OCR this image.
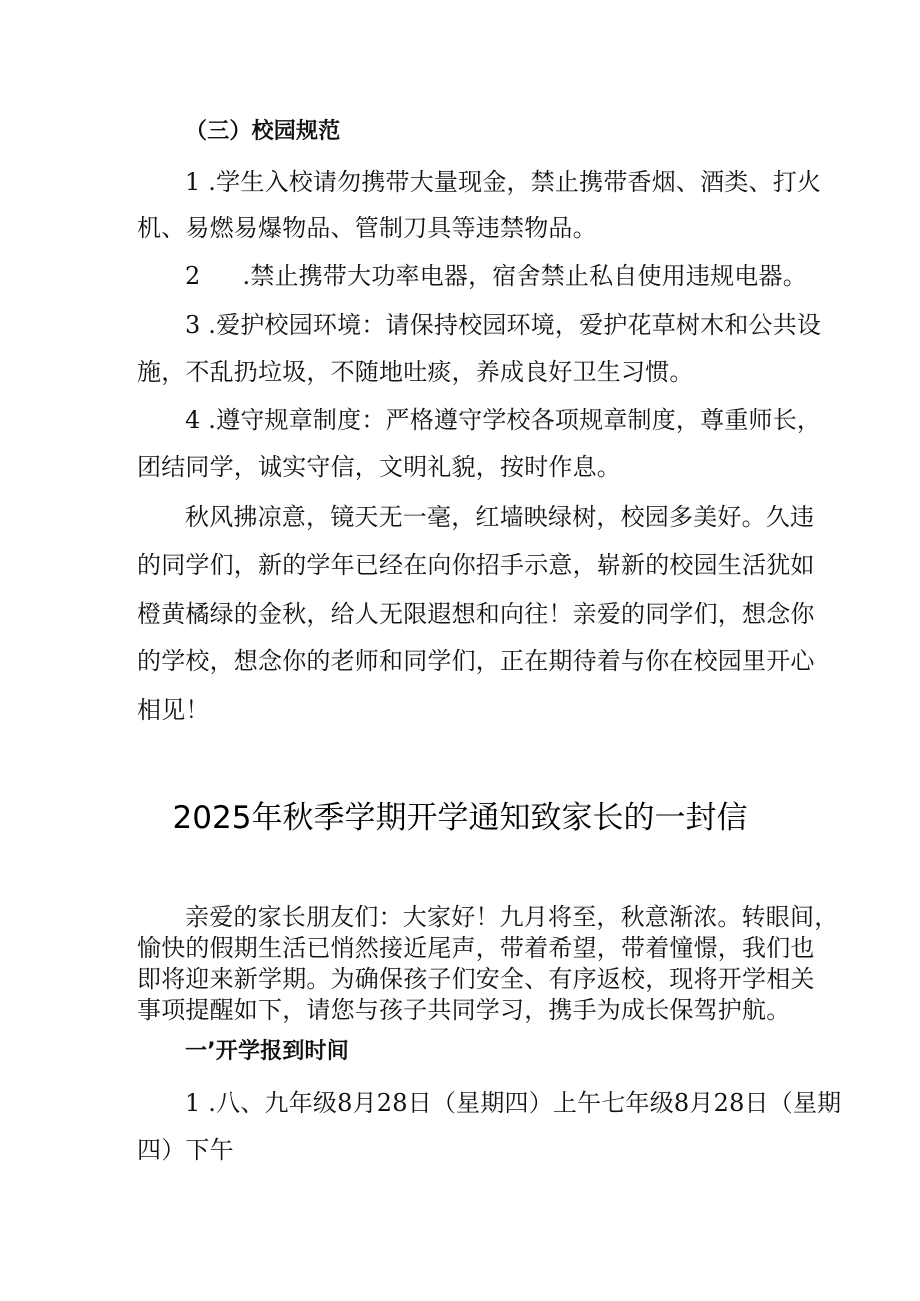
（三）校园规范
1 .学生入校请勿携带大量现金，禁止携带香烟、酒类、打火
机、易燃易爆物品、管制刀具等违禁物品。
2 .禁止携带大功率电器，宿舍禁止私自使用违规电器。
3 .爱护校园环境：请保持校园环境，爱护花草树木和公共设
施，不乱扔垃圾，不随地吐痰，养成良好卫生习惯。
4 .遵守规章制度：严格遵守学校各项规章制度，尊重师长，
团结同学，诚实守信，文明礼貌，按时作息。
秋风拂凉意，镜天无一毫，红墙映绿树，校园多美好。久违
的同学们，新的学年已经在向你招手示意，崭新的校园生活犹如
橙黄橘绿的金秋，给人无限遐想和向往！亲爱的同学们，想念你
的学校，想念你的老师和同学们，正在期待着与你在校园里开心
相见！
2025年秋季学期开学通知致家长的一封信
亲爱的家长朋友们：大家好！九月将至，秋意渐浓。转眼间，
愉快的假期生活已悄然接近尾声，带着希望，带着憧憬，我们也
即将迎来新学期。为确保孩子们安全、有序返校，现将开学相关
事项提醒如下，请您与孩子共同学习，携手为成长保驾护航。
一’开学报到时间
1 .八、九年级8月28日（星期四）上午七年级8月28日（星期
四）下午
